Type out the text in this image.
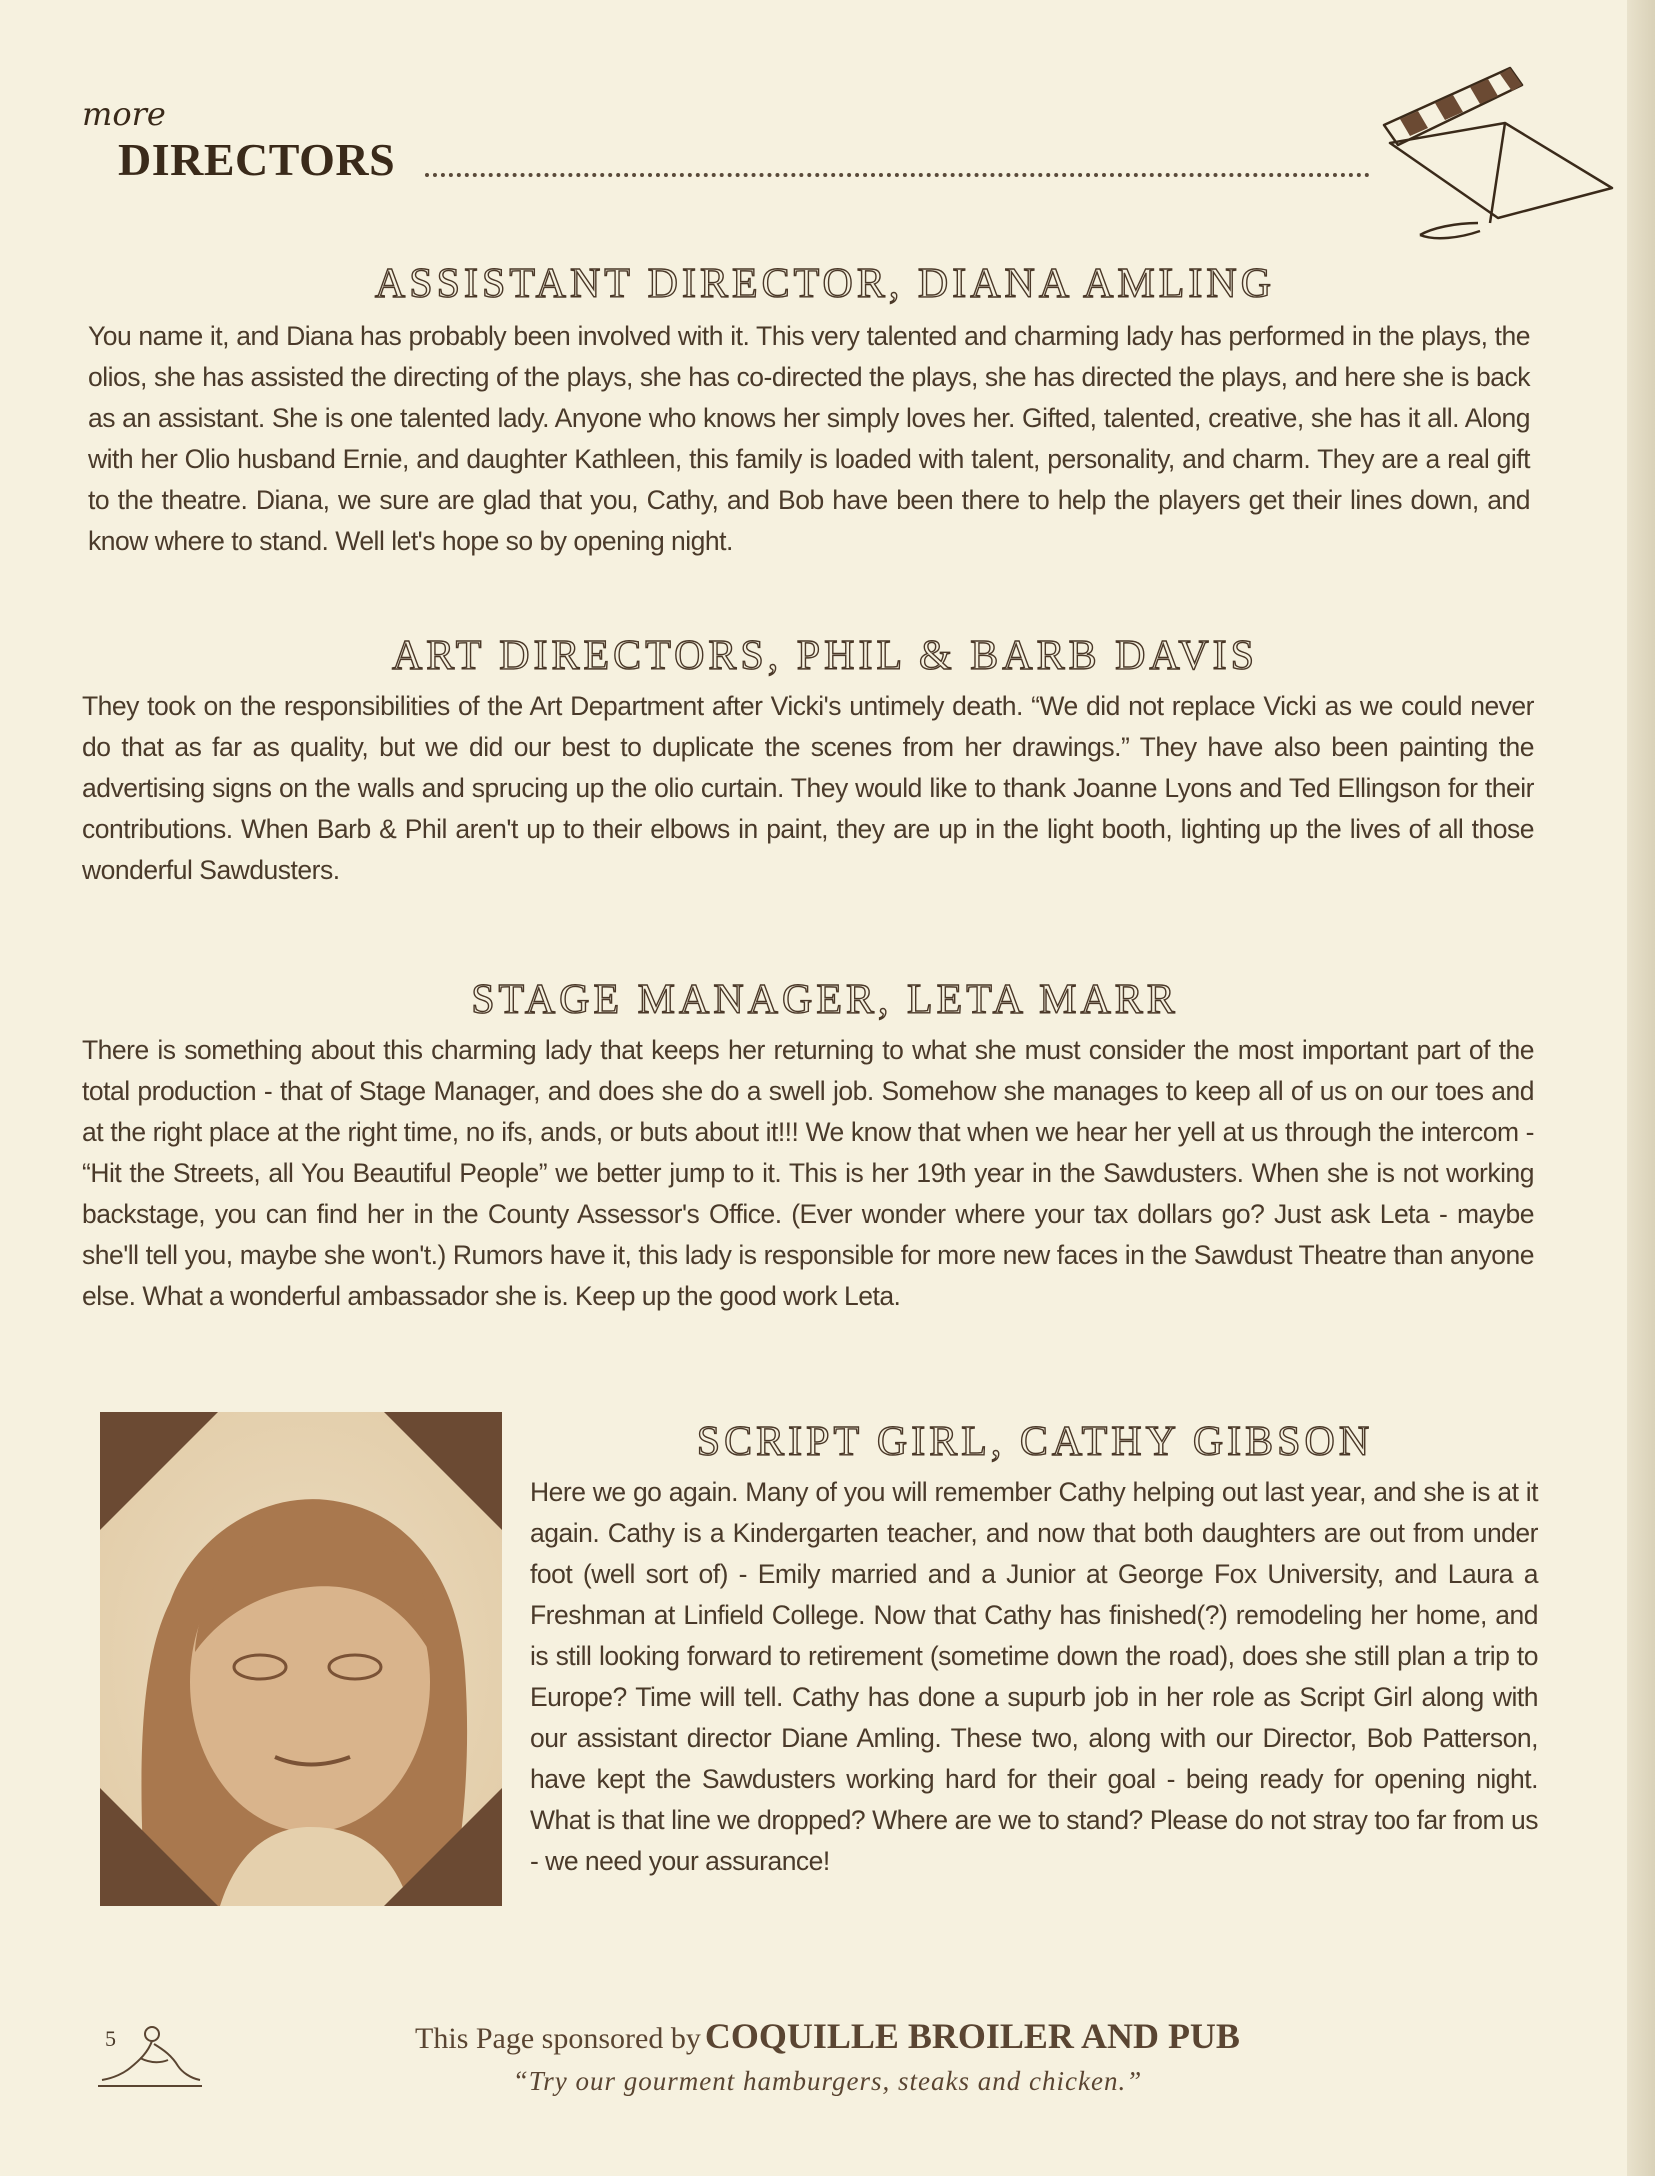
more
DIRECTORS
ASSISTANT DIRECTOR, DIANA AMLING
You name it, and Diana has probably been involved with it. This very talented and charming lady has performed in the plays, the olios, she has assisted the directing of the plays, she has co-directed the plays, she has directed the plays, and here she is back as an assistant. She is one talented lady. Anyone who knows her simply loves her. Gifted, talented, creative, she has it all. Along with her Olio husband Ernie, and daughter Kathleen, this family is loaded with talent, personality, and charm. They are a real gift to the theatre. Diana, we sure are glad that you, Cathy, and Bob have been there to help the players get their lines down, and know where to stand. Well let's hope so by opening night.
ART DIRECTORS, PHIL & BARB DAVIS
They took on the responsibilities of the Art Department after Vicki's untimely death. “We did not replace Vicki as we could never do that as far as quality, but we did our best to duplicate the scenes from her drawings.” They have also been painting the advertising signs on the walls and sprucing up the olio curtain. They would like to thank Joanne Lyons and Ted Ellingson for their contributions. When Barb & Phil aren't up to their elbows in paint, they are up in the light booth, lighting up the lives of all those wonderful Sawdusters.
STAGE MANAGER, LETA MARR
There is something about this charming lady that keeps her returning to what she must consider the most important part of the total production - that of Stage Manager, and does she do a swell job. Somehow she manages to keep all of us on our toes and at the right place at the right time, no ifs, ands, or buts about it!!! We know that when we hear her yell at us through the intercom - “Hit the Streets, all You Beautiful People” we better jump to it. This is her 19th year in the Sawdusters. When she is not working backstage, you can find her in the County Assessor's Office. (Ever wonder where your tax dollars go? Just ask Leta - maybe she'll tell you, maybe she won't.) Rumors have it, this lady is responsible for more new faces in the Sawdust Theatre than anyone else. What a wonderful ambassador she is. Keep up the good work Leta.
SCRIPT GIRL, CATHY GIBSON
Here we go again. Many of you will remember Cathy helping out last year, and she is at it again. Cathy is a Kindergarten teacher, and now that both daughters are out from under foot (well sort of) - Emily married and a Junior at George Fox University, and Laura a Freshman at Linfield College. Now that Cathy has finished(?) remodeling her home, and is still looking forward to retirement (sometime down the road), does she still plan a trip to Europe? Time will tell. Cathy has done a supurb job in her role as Script Girl along with our assistant director Diane Amling. These two, along with our Director, Bob Patterson, have kept the Sawdusters working hard for their goal - being ready for opening night. What is that line we dropped? Where are we to stand? Please do not stray too far from us - we need your assurance!
5	This Page sponsored by COQUILLE BROILER AND PUB
“Try our gourment hamburgers, steaks and chicken.”
